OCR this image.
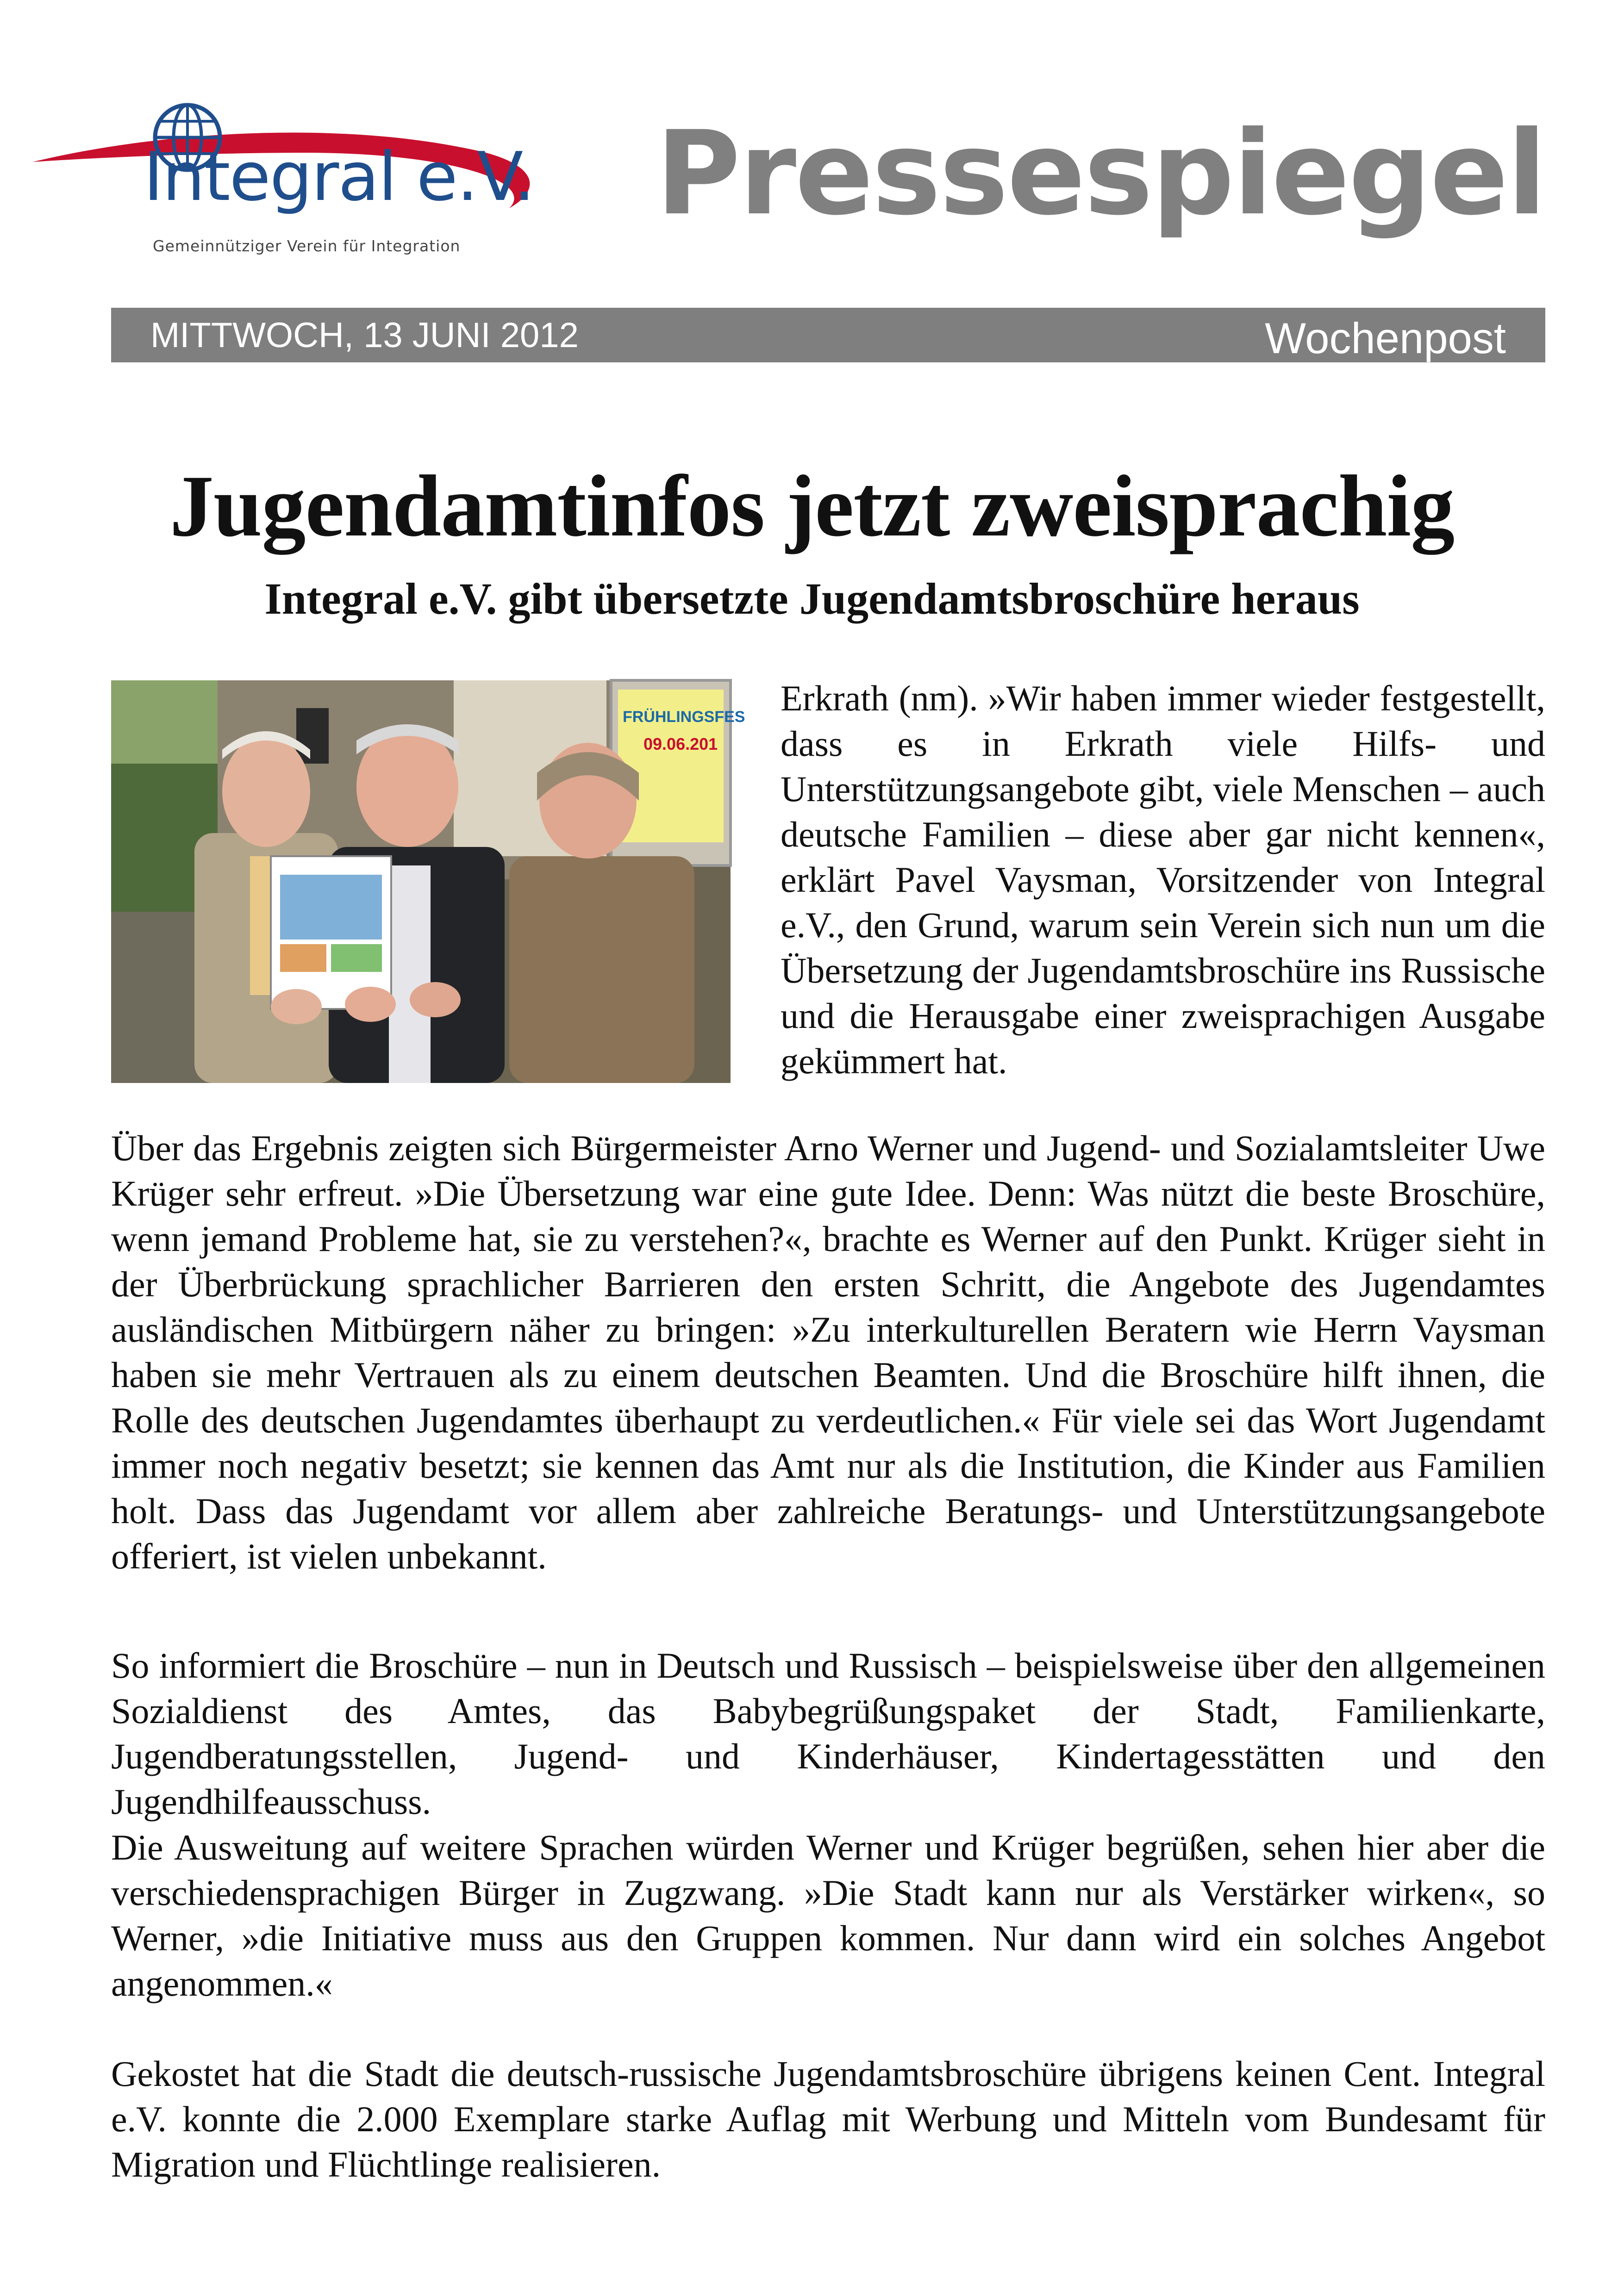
Integral e.V.
Gemeinnütziger Verein für Integration
Pressespiegel
MITTWOCH, 13 JUNI 2012	Wochenpost
Jugendamtinfos jetzt zweisprachig
Integral e.V. gibt übersetzte Jugendamtsbroschüre heraus
FRÜHLINGSFES
09.06.201
Erkrath (nm). »Wir haben immer wieder festgestellt, dass es in Erkrath viele Hilfs- und Unterstützungsangebote gibt, viele Menschen – auch deutsche Familien – diese aber gar nicht kennen«, erklärt Pavel Vaysman, Vorsitzender von Integral e.V., den Grund, warum sein Verein sich nun um die Übersetzung der Jugendamtsbroschüre ins Russische und die Herausgabe einer zweisprachigen Ausgabe gekümmert hat.
Über das Ergebnis zeigten sich Bürgermeister Arno Werner und Jugend- und Sozialamtsleiter Uwe Krüger sehr erfreut. »Die Übersetzung war eine gute Idee. Denn: Was nützt die beste Broschüre, wenn jemand Probleme hat, sie zu verstehen?«, brachte es Werner auf den Punkt. Krüger sieht in der Überbrückung sprachlicher Barrieren den ersten Schritt, die Angebote des Jugendamtes ausländischen Mitbürgern näher zu bringen: »Zu interkulturellen Beratern wie Herrn Vaysman haben sie mehr Vertrauen als zu einem deutschen Beamten. Und die Broschüre hilft ihnen, die Rolle des deutschen Jugendamtes überhaupt zu verdeutlichen.« Für viele sei das Wort Jugendamt immer noch negativ besetzt; sie kennen das Amt nur als die Institution, die Kinder aus Familien holt. Dass das Jugendamt vor allem aber zahlreiche Beratungs- und Unterstützungsangebote offeriert, ist vielen unbekannt.
So informiert die Broschüre – nun in Deutsch und Russisch – beispielsweise über den allgemeinen Sozialdienst des Amtes, das Babybegrüßungspaket der Stadt, Familienkarte, Jugendberatungsstellen, Jugend- und Kinderhäuser, Kindertagesstätten und den Jugendhilfeausschuss.
Die Ausweitung auf weitere Sprachen würden Werner und Krüger begrüßen, sehen hier aber die verschiedensprachigen Bürger in Zugzwang. »Die Stadt kann nur als Verstärker wirken«, so Werner, »die Initiative muss aus den Gruppen kommen. Nur dann wird ein solches Angebot angenommen.«
Gekostet hat die Stadt die deutsch-russische Jugendamtsbroschüre übrigens keinen Cent. Integral e.V. konnte die 2.000 Exemplare starke Auflag mit Werbung und Mitteln vom Bundesamt für Migration und Flüchtlinge realisieren.
